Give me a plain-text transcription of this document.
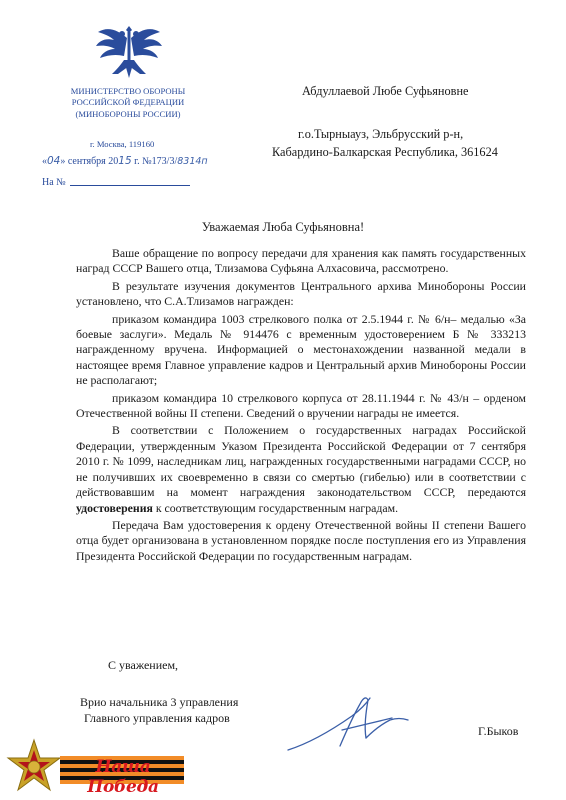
МИНИСТЕРСТВО ОБОРОНЫ
РОССИЙСКОЙ ФЕДЕРАЦИИ
(МИНОБОРОНЫ РОССИИ)
г. Москва, 119160
«04» сентября 2015 г. №173/3/8314п
На №
Абдуллаевой Любе Суфьяновне
г.о.Тырныауз, Эльбрусский р-н,
Кабардино-Балкарская Республика, 361624
Уважаемая Люба Суфьяновна!

Ваше обращение по вопросу передачи для хранения как память государственных наград СССР Вашего отца, Тлизамова Суфьяна Алхасовича, рассмотрено.

В результате изучения документов Центрального архива Минобороны России установлено, что С.А.Тлизамов награжден:

приказом командира 1003 стрелкового полка от 2.5.1944 г. № 6/н– медалью «За боевые заслуги». Медаль № 914476 с временным удостоверением Б № 333213 награжденному вручена. Информацией о местонахождении названной медали в настоящее время Главное управление кадров и Центральный архив Минобороны России не располагают;

приказом командира 10 стрелкового корпуса от 28.11.1944 г. № 43/н – орденом Отечественной войны II степени. Сведений о вручении награды не имеется.

В соответствии с Положением о государственных наградах Российской Федерации, утвержденным Указом Президента Российской Федерации от 7 сентября 2010 г. № 1099, наследникам лиц, награжденных государственными наградами СССР, но не получивших их своевременно в связи со смертью (гибелью) или в соответствии с действовавшим на момент награждения законодательством СССР, передаются удостоверения к соответствующим государственным наградам.

Передача Вам удостоверения к ордену Отечественной войны II степени Вашего отца будет организована в установленном порядке после поступления его из Управления Президента Российской Федерации по государственным наградам.

С уважением,
Врио начальника 3 управления
Главного управления кадров
Г.Быков
Наша Победа
